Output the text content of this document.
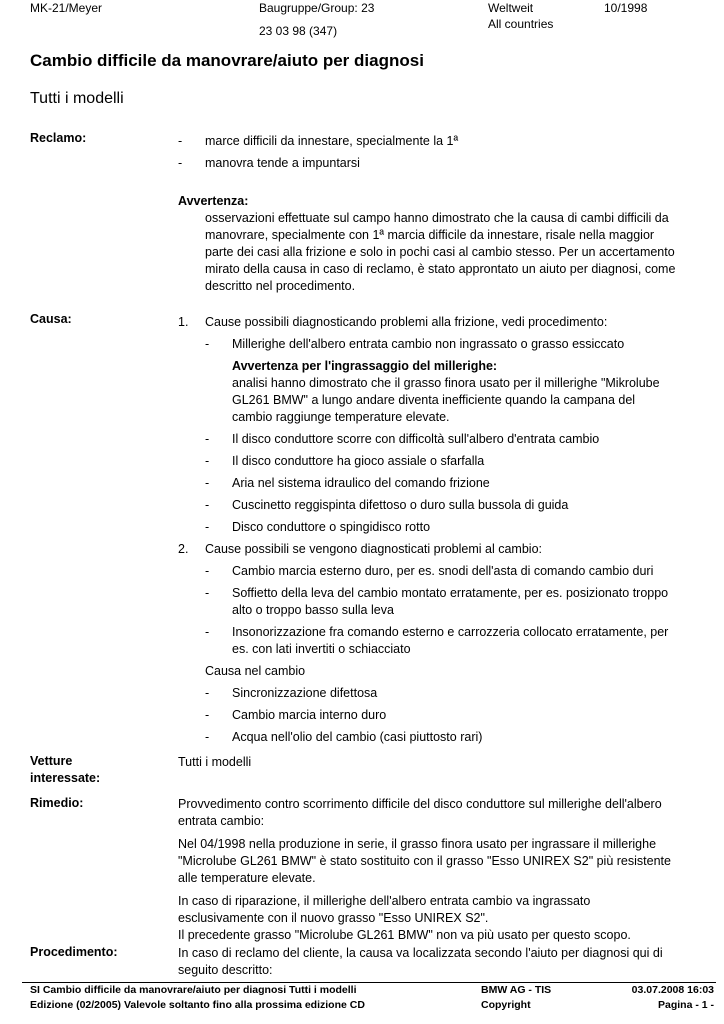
MK-21/Meyer	Baugruppe/Group: 23
23 03 98 (347)
Weltweit
All countries
10/1998
Cambio difficile da manovrare/aiuto per diagnosi
Tutti i modelli
Reclamo:	- marce difficili da innestare, specialmente la 1ª
- manovra tende a impuntarsi
Avvertenza:
osservazioni effettuate sul campo hanno dimostrato che la causa di cambi difficili da
manovrare, specialmente con 1ª marcia difficile da innestare, risale nella maggior
parte dei casi alla frizione e solo in pochi casi al cambio stesso. Per un accertamento
mirato della causa in caso di reclamo, è stato approntato un aiuto per diagnosi, come
descritto nel procedimento.
Causa:	1. Cause possibili diagnosticando problemi alla frizione, vedi procedimento:
- Millerighe dell'albero entrata cambio non ingrassato o grasso essiccato
Avvertenza per l'ingrassaggio del millerighe:
analisi hanno dimostrato che il grasso finora usato per il millerighe "Mikrolube
GL261 BMW" a lungo andare diventa inefficiente quando la campana del
cambio raggiunge temperature elevate.
- Il disco conduttore scorre con difficoltà sull'albero d'entrata cambio
- Il disco conduttore ha gioco assiale o sfarfalla
- Aria nel sistema idraulico del comando frizione
- Cuscinetto reggispinta difettoso o duro sulla bussola di guida
- Disco conduttore o spingidisco rotto
2. Cause possibili se vengono diagnosticati problemi al cambio:
- Cambio marcia esterno duro, per es. snodi dell'asta di comando cambio duri
- Soffietto della leva del cambio montato erratamente, per es. posizionato troppo
alto o troppo basso sulla leva
- Insonorizzazione fra comando esterno e carrozzeria collocato erratamente, per
es. con lati invertiti o schiacciato
Causa nel cambio
- Sincronizzazione difettosa
- Cambio marcia interno duro
- Acqua nell'olio del cambio (casi piuttosto rari)
Vetture
interessate:
Tutti i modelli
Rimedio:	Provvedimento contro scorrimento difficile del disco conduttore sul millerighe dell'albero
entrata cambio:
Nel 04/1998 nella produzione in serie, il grasso finora usato per ingrassare il millerighe
"Microlube GL261 BMW" è stato sostituito con il grasso "Esso UNIREX S2" più resistente
alle temperature elevate.
In caso di riparazione, il millerighe dell'albero entrata cambio va ingrassato
esclusivamente con il nuovo grasso "Esso UNIREX S2".
Il precedente grasso "Microlube GL261 BMW" non va più usato per questo scopo.
Procedimento:	In caso di reclamo del cliente, la causa va localizzata secondo l'aiuto per diagnosi qui di
seguito descritto:
SI Cambio difficile da manovrare/aiuto per diagnosi Tutti i modelli
Edizione (02/2005) Valevole soltanto fino alla prossima edizione CD
BMW AG - TIS
Copyright
03.07.2008 16:03
Pagina - 1 -
